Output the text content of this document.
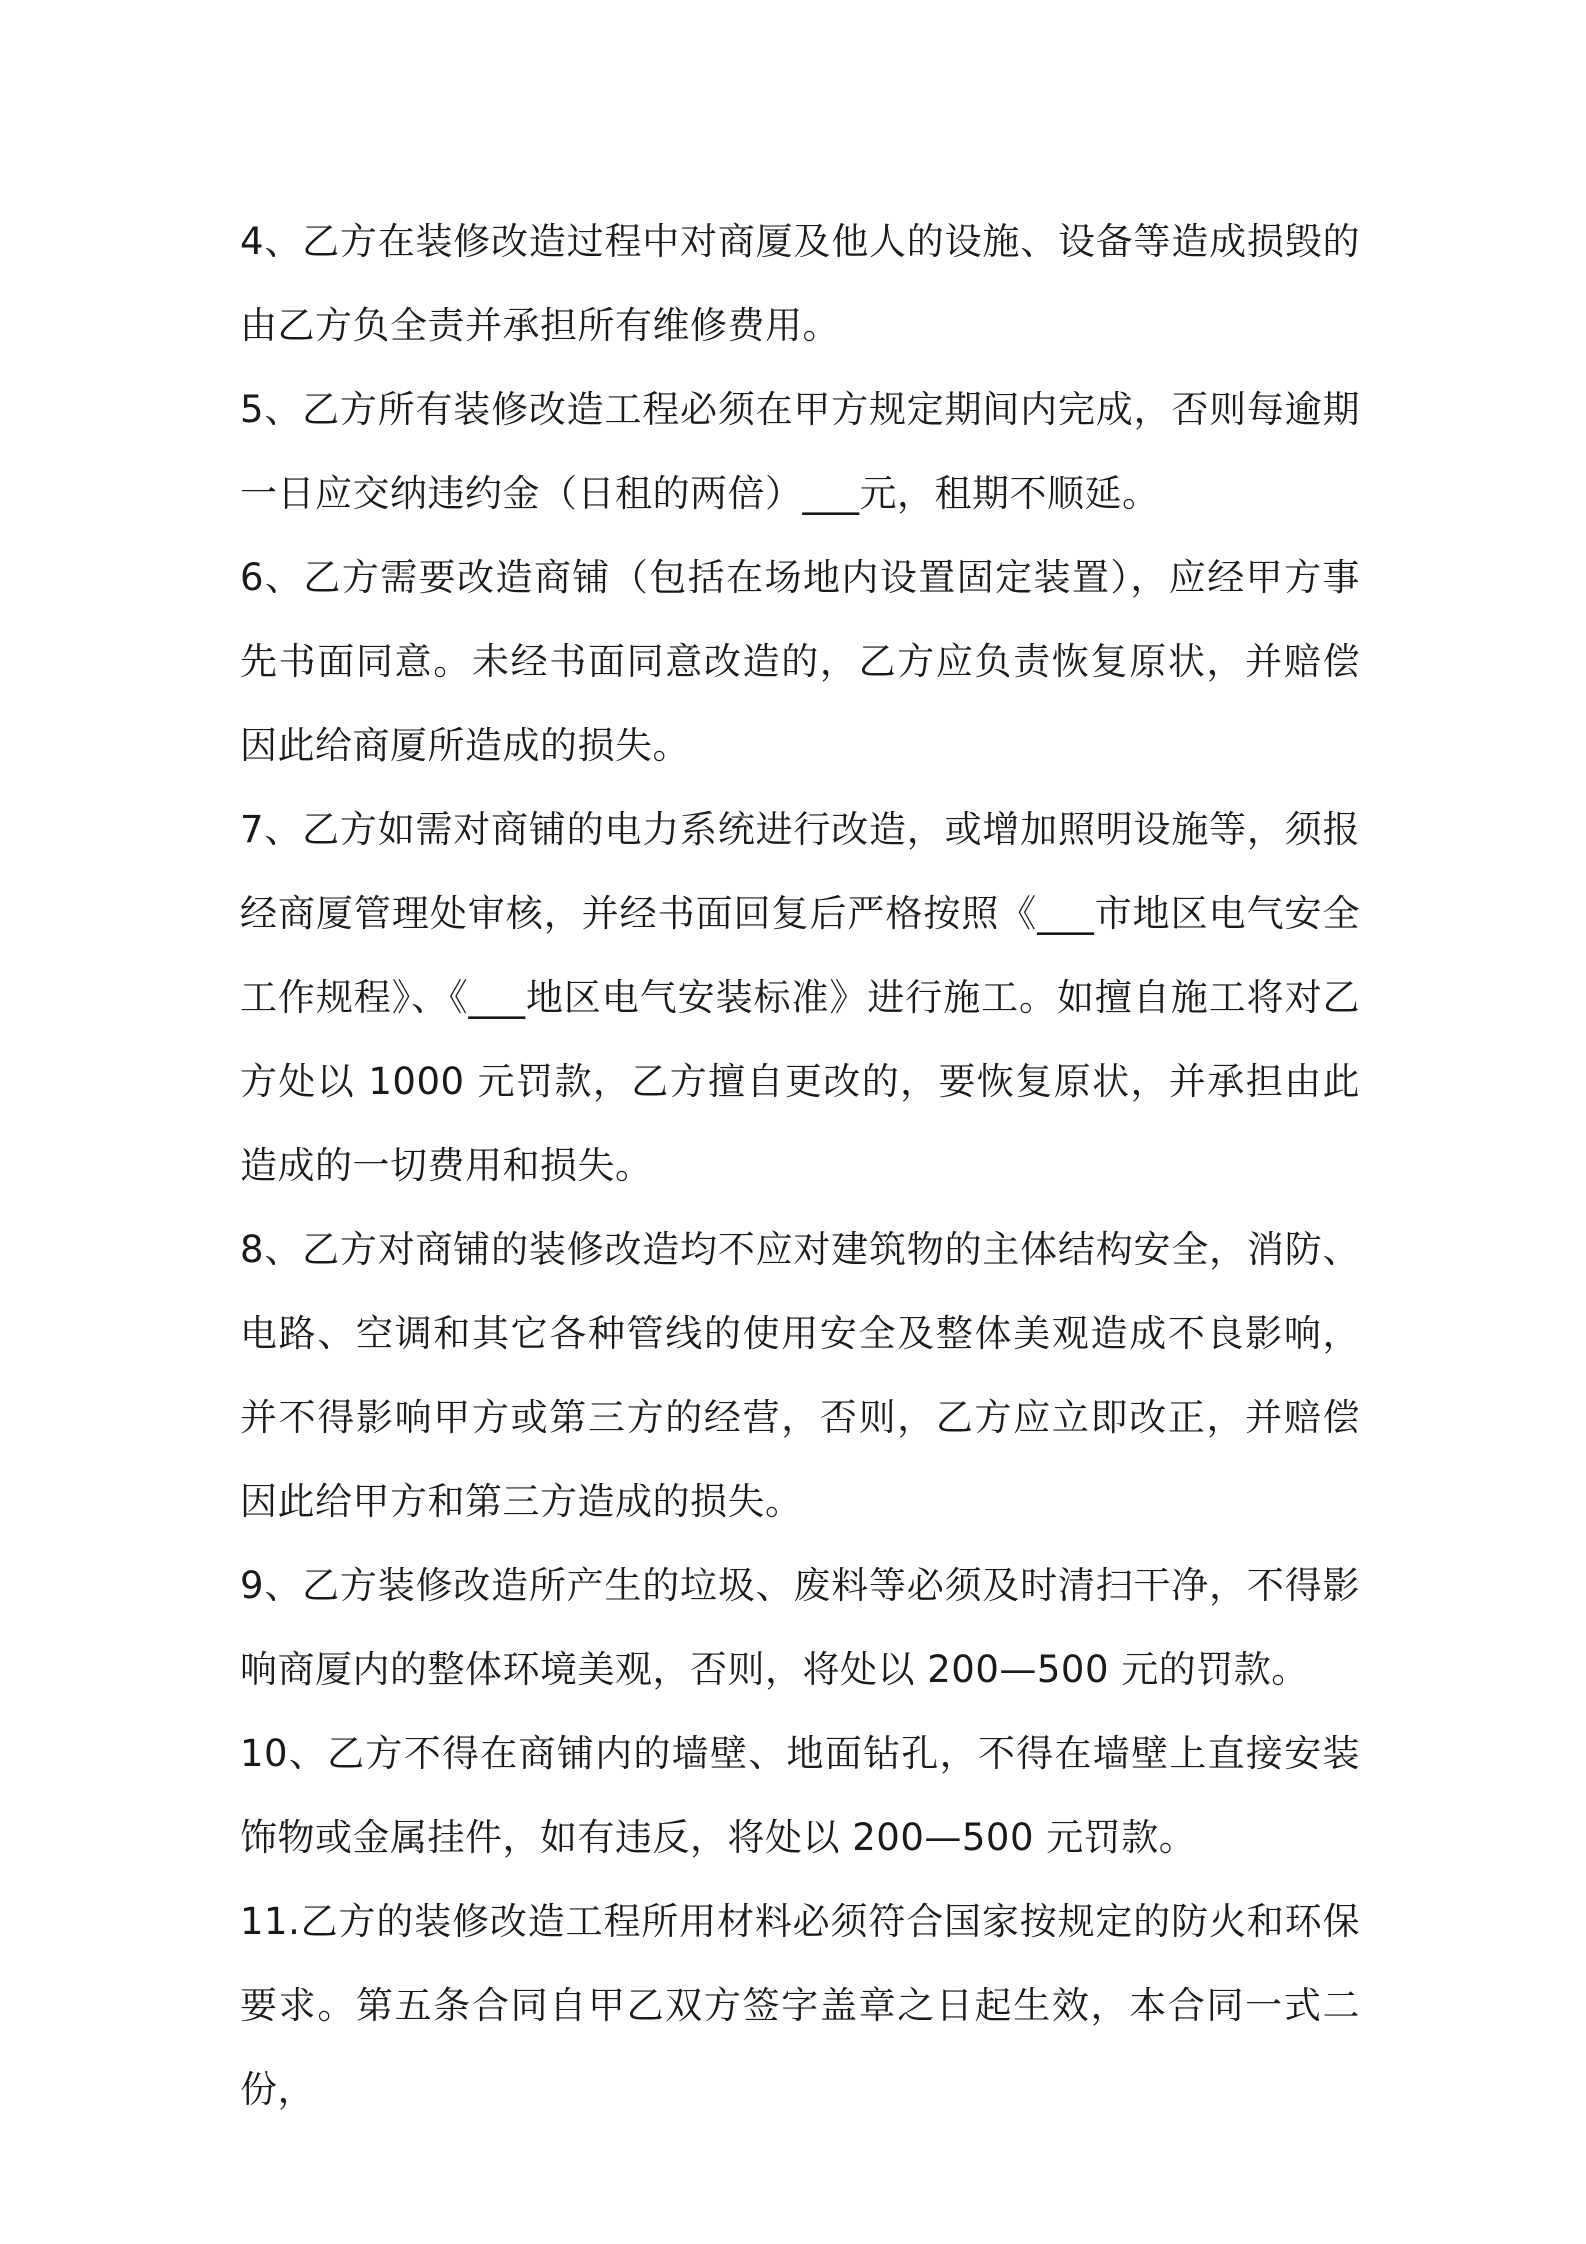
4、乙方在装修改造过程中对商厦及他人的设施、设备等造成损毁的由乙方负全责并承担所有维修费用。

5、乙方所有装修改造工程必须在甲方规定期间内完成，否则每逾期一日应交纳违约金（日租的两倍）___元，租期不顺延。

6、乙方需要改造商铺（包括在场地内设置固定装置），应经甲方事先书面同意。未经书面同意改造的，乙方应负责恢复原状，并赔偿因此给商厦所造成的损失。

7、乙方如需对商铺的电力系统进行改造，或增加照明设施等，须报经商厦管理处审核，并经书面回复后严格按照《___市地区电气安全工作规程》、《___地区电气安装标准》进行施工。如擅自施工将对乙方处以 1000 元罚款，乙方擅自更改的，要恢复原状，并承担由此造成的一切费用和损失。

8、乙方对商铺的装修改造均不应对建筑物的主体结构安全，消防、电路、空调和其它各种管线的使用安全及整体美观造成不良影响，并不得影响甲方或第三方的经营，否则，乙方应立即改正，并赔偿因此给甲方和第三方造成的损失。

9、乙方装修改造所产生的垃圾、废料等必须及时清扫干净，不得影响商厦内的整体环境美观，否则，将处以 200—500 元的罚款。

10、乙方不得在商铺内的墙壁、地面钻孔，不得在墙壁上直接安装饰物或金属挂件，如有违反，将处以 200—500 元罚款。

11.乙方的装修改造工程所用材料必须符合国家按规定的防火和环保要求。第五条合同自甲乙双方签字盖章之日起生效，本合同一式二份，
